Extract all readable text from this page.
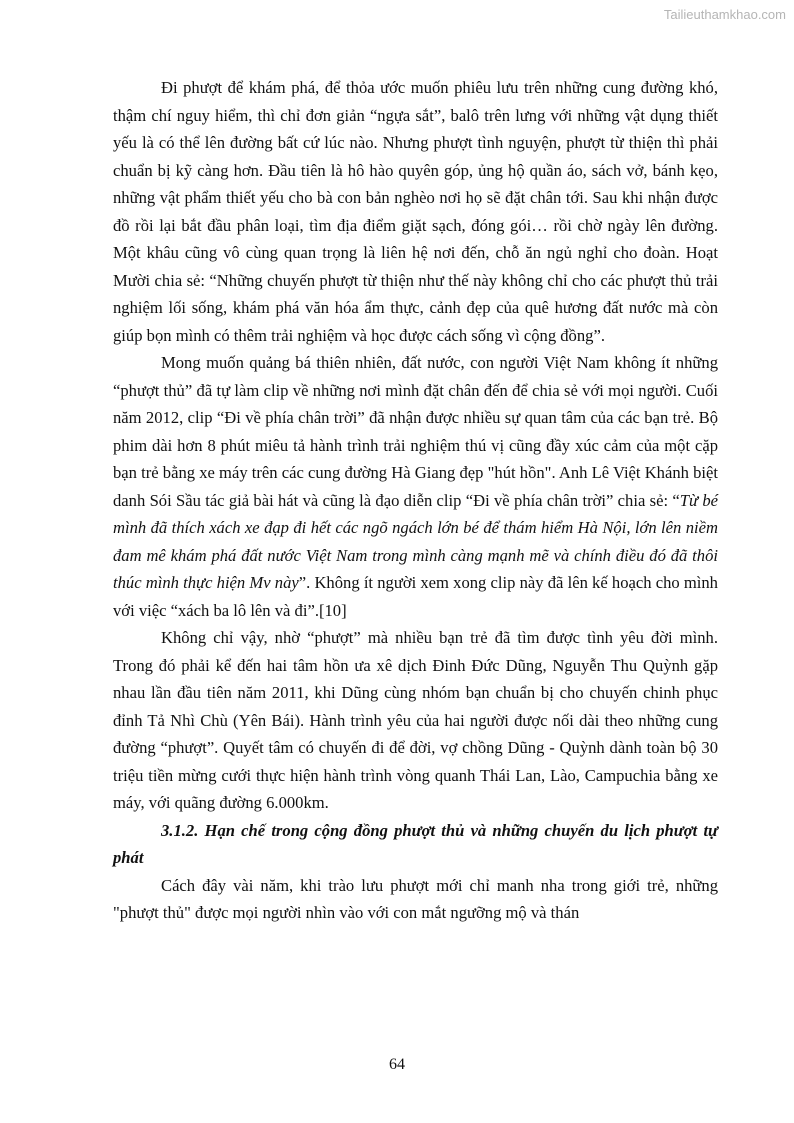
Tailieuthamkhao.com

Đi phượt để khám phá, để thỏa ước muốn phiêu lưu trên những cung đường khó, thậm chí nguy hiểm, thì chỉ đơn giản “ngựa sắt”, balô trên lưng với những vật dụng thiết yếu là có thể lên đường bất cứ lúc nào. Nhưng phượt tình nguyện, phượt từ thiện thì phải chuẩn bị kỹ càng hơn. Đầu tiên là hô hào quyên góp, ủng hộ quần áo, sách vở, bánh kẹo, những vật phẩm thiết yếu cho bà con bản nghèo nơi họ sẽ đặt chân tới. Sau khi nhận được đồ rồi lại bắt đầu phân loại, tìm địa điểm giặt sạch, đóng gói… rồi chờ ngày lên đường. Một khâu cũng vô cùng quan trọng là liên hệ nơi đến, chỗ ăn ngủ nghỉ cho đoàn. Hoạt Mười chia sẻ: “Những chuyến phượt từ thiện như thế này không chỉ cho các phượt thủ trải nghiệm lối sống, khám phá văn hóa ẩm thực, cảnh đẹp của quê hương đất nước mà còn giúp bọn mình có thêm trải nghiệm và học được cách sống vì cộng đồng”.

Mong muốn quảng bá thiên nhiên, đất nước, con người Việt Nam không ít những “phượt thủ” đã tự làm clip về những nơi mình đặt chân đến để chia sẻ với mọi người. Cuối năm 2012, clip “Đi về phía chân trời” đã nhận được nhiều sự quan tâm của các bạn trẻ. Bộ phim dài hơn 8 phút miêu tả hành trình trải nghiệm thú vị cũng đầy xúc cảm của một cặp bạn trẻ bằng xe máy trên các cung đường Hà Giang đẹp "hút hồn". Anh Lê Việt Khánh biệt danh Sói Sầu tác giả bài hát và cũng là đạo diễn clip “Đi về phía chân trời” chia sẻ: “Từ bé mình đã thích xách xe đạp đi hết các ngõ ngách lớn bé để thám hiểm Hà Nội, lớn lên niềm đam mê khám phá đất nước Việt Nam trong mình càng mạnh mẽ và chính điều đó đã thôi thúc mình thực hiện Mv này”. Không ít người xem xong clip này đã lên kế hoạch cho mình với việc “xách ba lô lên và đi”.[10]

Không chỉ vậy, nhờ “phượt” mà nhiều bạn trẻ đã tìm được tình yêu đời mình. Trong đó phải kể đến hai tâm hồn ưa xê dịch Đinh Đức Dũng, Nguyễn Thu Quỳnh gặp nhau lần đầu tiên năm 2011, khi Dũng cùng nhóm bạn chuẩn bị cho chuyến chinh phục đỉnh Tả Nhì Chù (Yên Bái). Hành trình yêu của hai người được nối dài theo những cung đường “phượt”. Quyết tâm có chuyến đi để đời, vợ chồng Dũng - Quỳnh dành toàn bộ 30 triệu tiền mừng cưới thực hiện hành trình vòng quanh Thái Lan, Lào, Campuchia bằng xe máy, với quãng đường 6.000km.

3.1.2. Hạn chế trong cộng đồng phượt thủ và những chuyến du lịch phượt tự phát

Cách đây vài năm, khi trào lưu phượt mới chỉ manh nha trong giới trẻ, những "phượt thủ" được mọi người nhìn vào với con mắt ngưỡng mộ và thán

64
